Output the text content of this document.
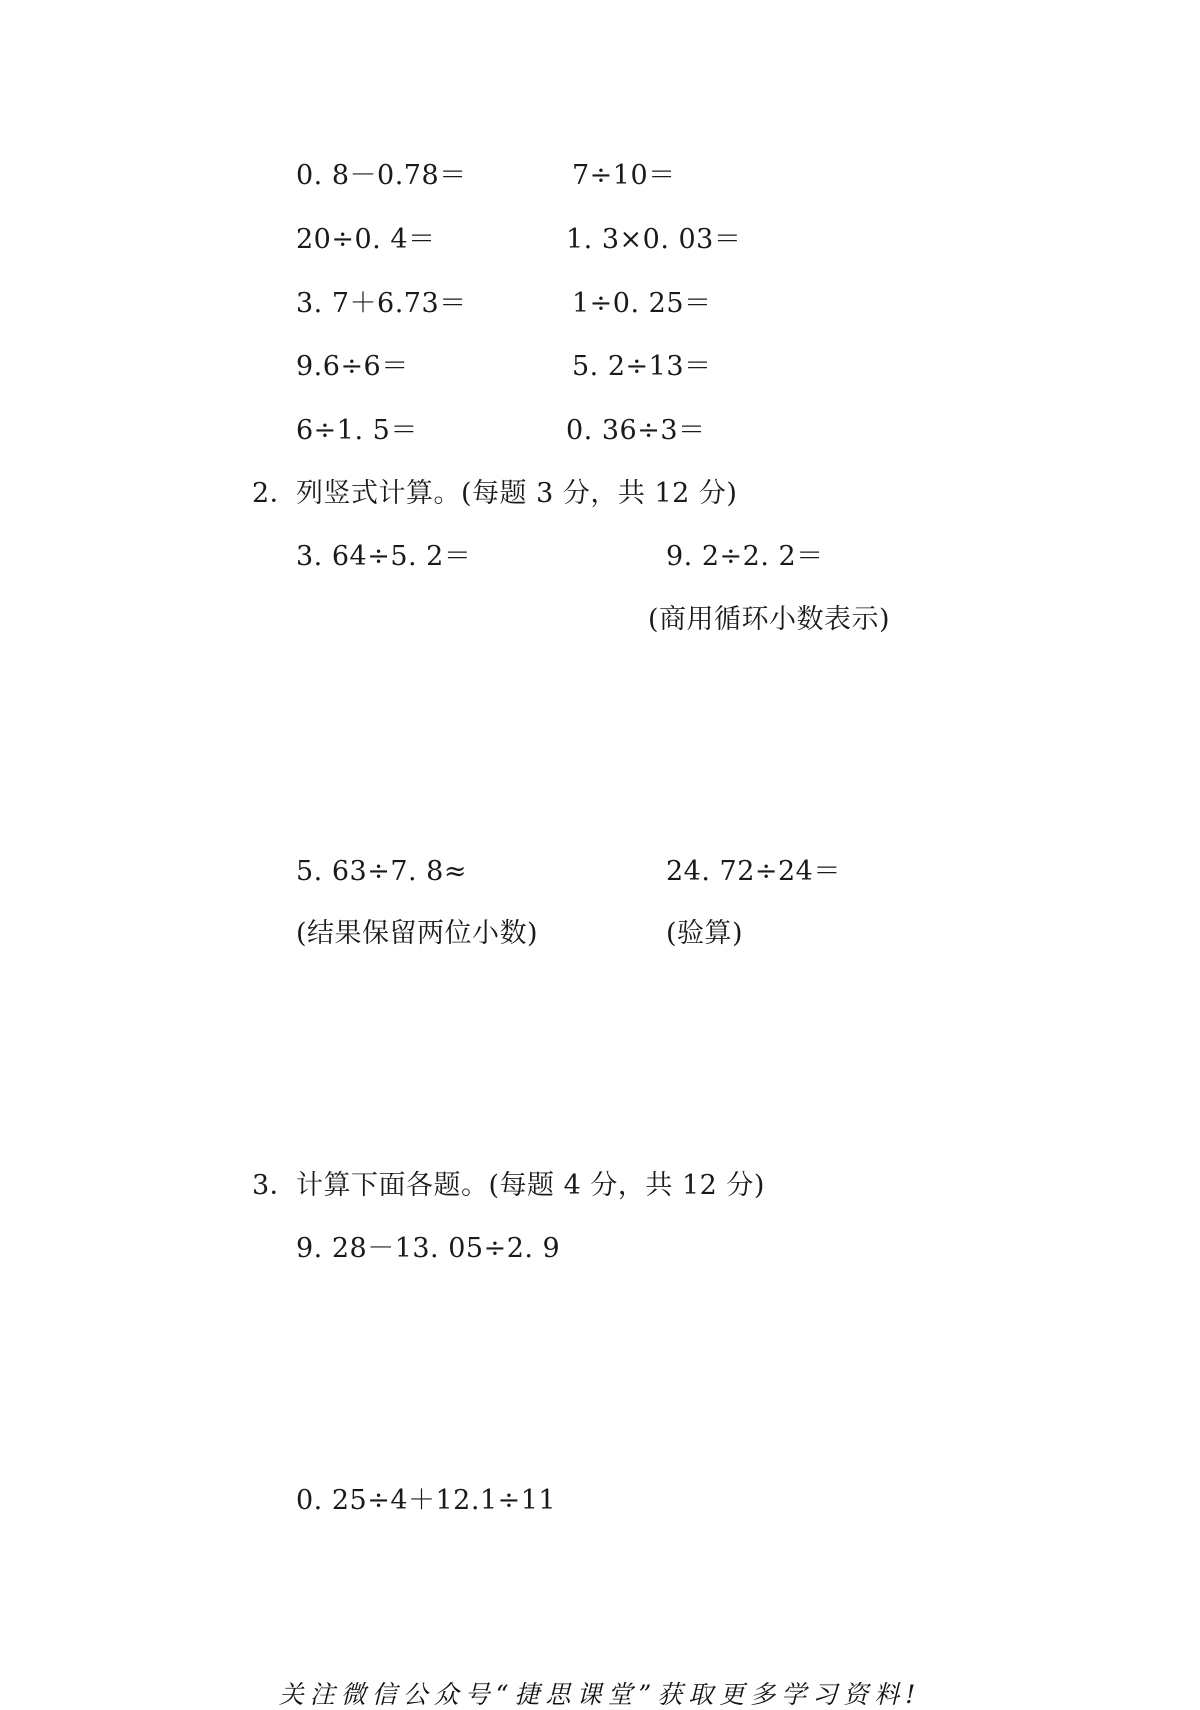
0. 8－0.78＝	7÷10＝
20÷0. 4＝	1. 3×0. 03＝
3. 7＋6.73＝	1÷0. 25＝
9.6÷6＝	5. 2÷13＝
6÷1. 5＝	0. 36÷3＝
2．
列竖式计算。(每题 3 分，共 12 分)
3. 64÷5. 2＝	9. 2÷2. 2＝
(商用循环小数表示)
5. 63÷7. 8≈	24. 72÷24＝
(结果保留两位小数)	(验算)
3．
计算下面各题。(每题 4 分，共 12 分)
9. 28－13. 05÷2. 9
0. 25÷4＋12.1÷11
关注微信公众号“捷思课堂”获取更多学习资料!
